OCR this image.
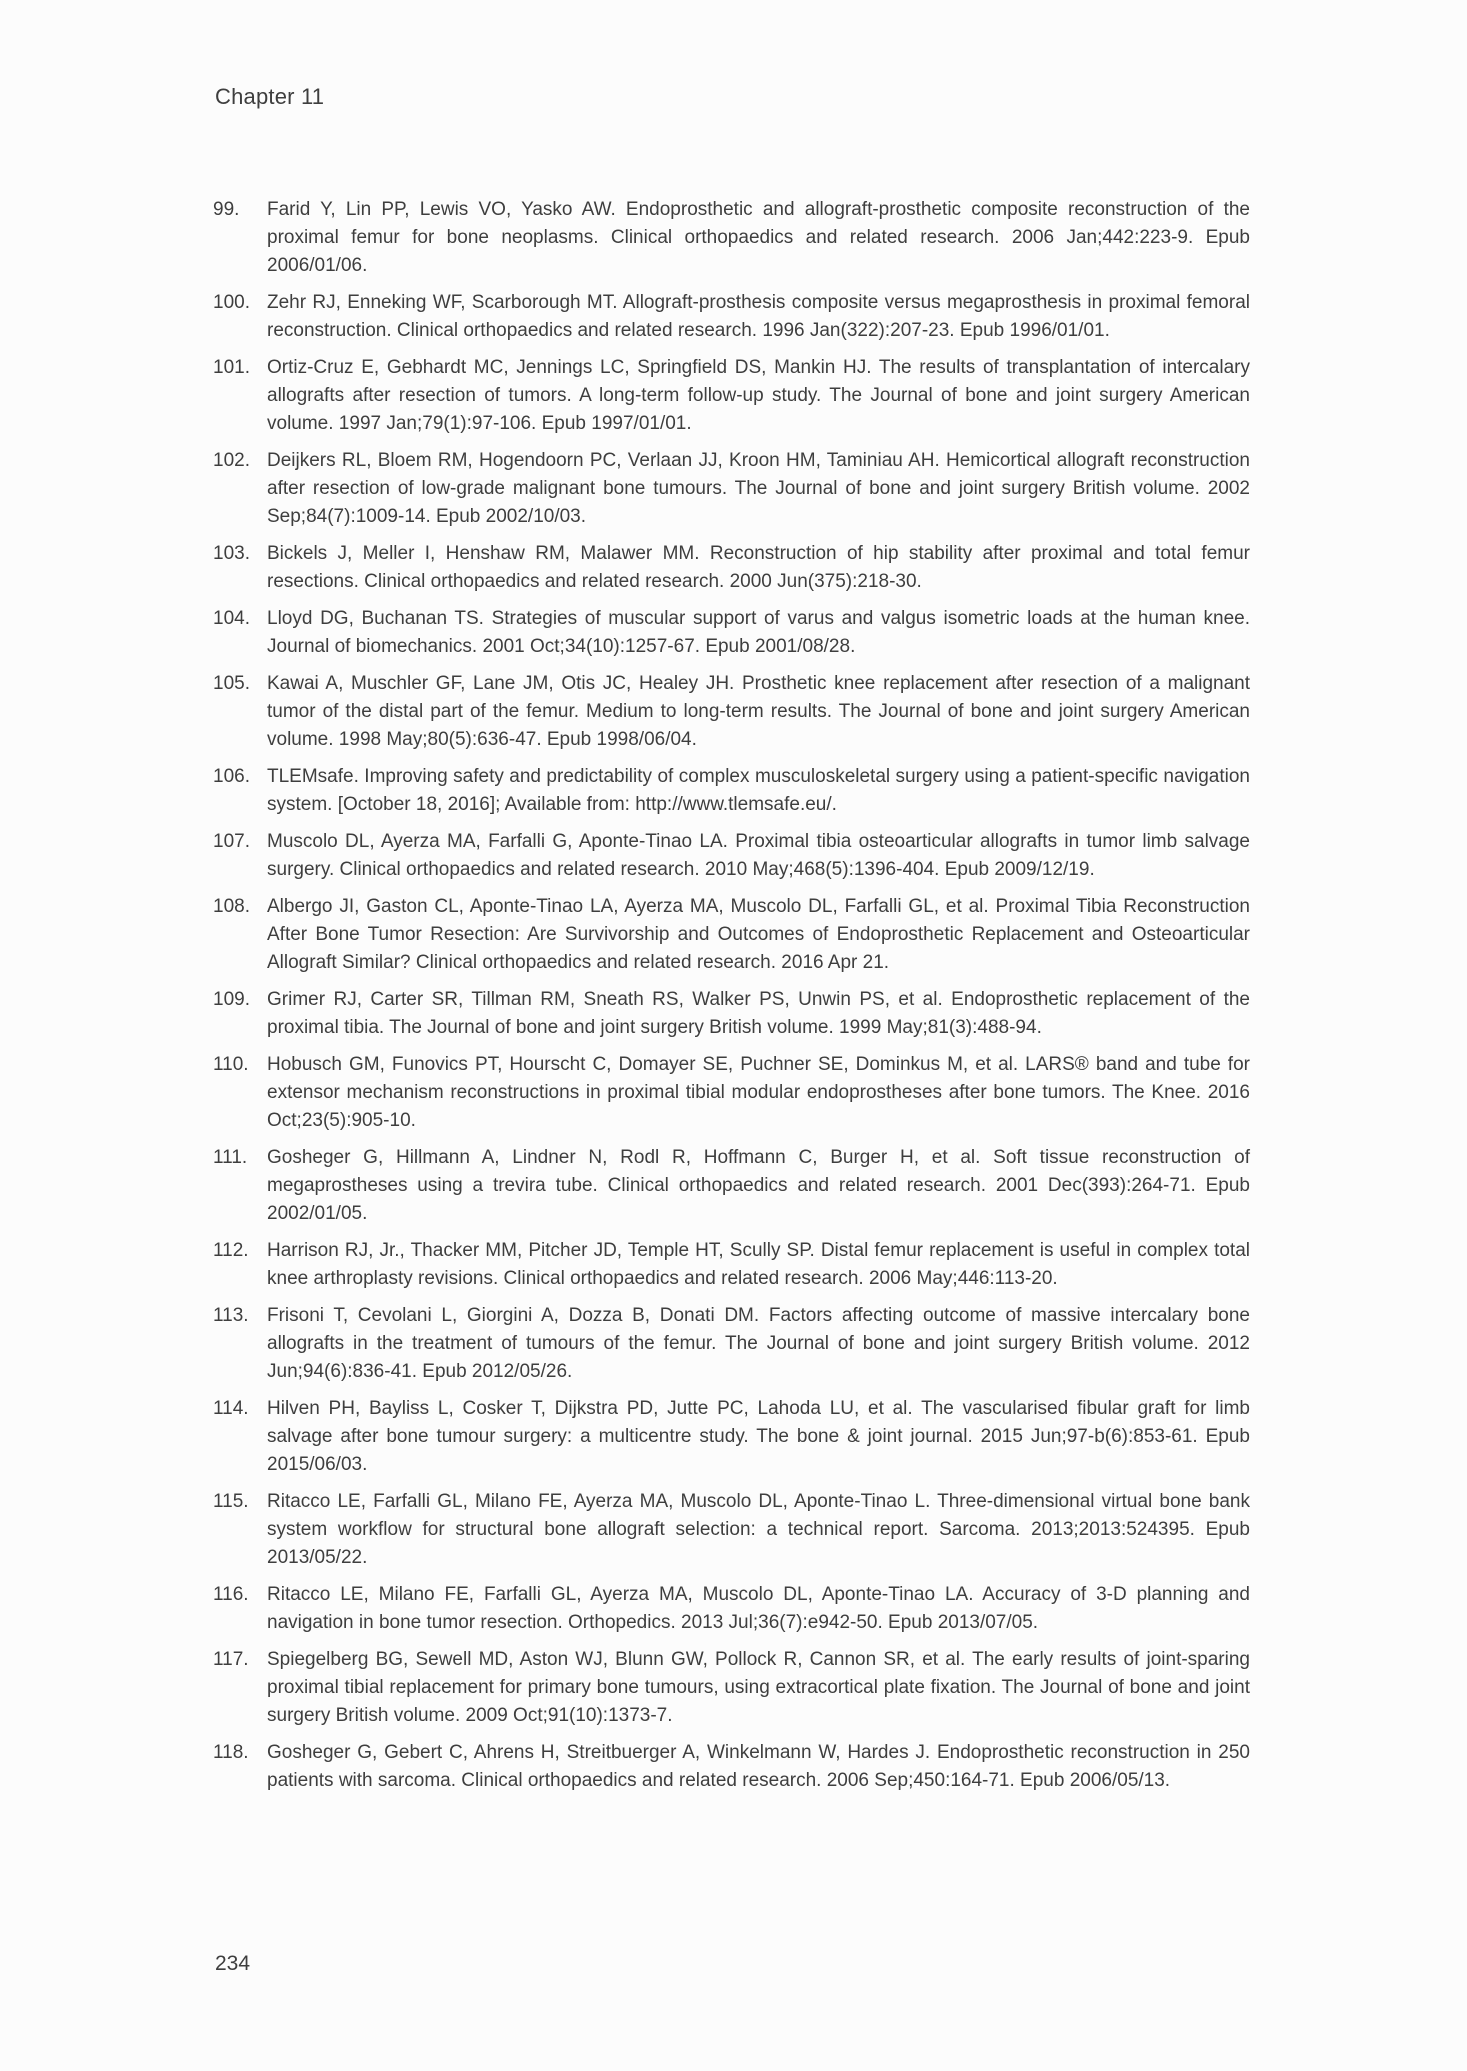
Chapter 11
99.	Farid Y, Lin PP, Lewis VO, Yasko AW. Endoprosthetic and allograft-prosthetic composite reconstruction of the proximal femur for bone neoplasms. Clinical orthopaedics and related research. 2006 Jan;442:223-9. Epub 2006/01/06.
100. Zehr RJ, Enneking WF, Scarborough MT. Allograft-prosthesis composite versus megaprosthesis in proximal femoral reconstruction. Clinical orthopaedics and related research. 1996 Jan(322):207-23. Epub 1996/01/01.
101. Ortiz-Cruz E, Gebhardt MC, Jennings LC, Springfield DS, Mankin HJ. The results of transplantation of intercalary allografts after resection of tumors. A long-term follow-up study. The Journal of bone and joint surgery American volume. 1997 Jan;79(1):97-106. Epub 1997/01/01.
102. Deijkers RL, Bloem RM, Hogendoorn PC, Verlaan JJ, Kroon HM, Taminiau AH. Hemicortical allograft reconstruction after resection of low-grade malignant bone tumours. The Journal of bone and joint surgery British volume. 2002 Sep;84(7):1009-14. Epub 2002/10/03.
103. Bickels J, Meller I, Henshaw RM, Malawer MM. Reconstruction of hip stability after proximal and total femur resections. Clinical orthopaedics and related research. 2000 Jun(375):218-30.
104. Lloyd DG, Buchanan TS. Strategies of muscular support of varus and valgus isometric loads at the human knee. Journal of biomechanics. 2001 Oct;34(10):1257-67. Epub 2001/08/28.
105. Kawai A, Muschler GF, Lane JM, Otis JC, Healey JH. Prosthetic knee replacement after resection of a malignant tumor of the distal part of the femur. Medium to long-term results. The Journal of bone and joint surgery American volume. 1998 May;80(5):636-47. Epub 1998/06/04.
106. TLEMsafe. Improving safety and predictability of complex musculoskeletal surgery using a patient-specific navigation system. [October 18, 2016]; Available from: http://www.tlemsafe.eu/.
107. Muscolo DL, Ayerza MA, Farfalli G, Aponte-Tinao LA. Proximal tibia osteoarticular allografts in tumor limb salvage surgery. Clinical orthopaedics and related research. 2010 May;468(5):1396-404. Epub 2009/12/19.
108. Albergo JI, Gaston CL, Aponte-Tinao LA, Ayerza MA, Muscolo DL, Farfalli GL, et al. Proximal Tibia Reconstruction After Bone Tumor Resection: Are Survivorship and Outcomes of Endoprosthetic Replacement and Osteoarticular Allograft Similar? Clinical orthopaedics and related research. 2016 Apr 21.
109. Grimer RJ, Carter SR, Tillman RM, Sneath RS, Walker PS, Unwin PS, et al. Endoprosthetic replacement of the proximal tibia. The Journal of bone and joint surgery British volume. 1999 May;81(3):488-94.
110. Hobusch GM, Funovics PT, Hourscht C, Domayer SE, Puchner SE, Dominkus M, et al. LARS® band and tube for extensor mechanism reconstructions in proximal tibial modular endoprostheses after bone tumors. The Knee. 2016 Oct;23(5):905-10.
111.	Gosheger G, Hillmann A, Lindner N, Rodl R, Hoffmann C, Burger H, et al. Soft tissue reconstruction of megaprostheses using a trevira tube. Clinical orthopaedics and related research. 2001 Dec(393):264-71. Epub 2002/01/05.
112. Harrison RJ, Jr., Thacker MM, Pitcher JD, Temple HT, Scully SP. Distal femur replacement is useful in complex total knee arthroplasty revisions. Clinical orthopaedics and related research. 2006 May;446:113-20.
113. Frisoni T, Cevolani L, Giorgini A, Dozza B, Donati DM. Factors affecting outcome of massive intercalary bone allografts in the treatment of tumours of the femur. The Journal of bone and joint surgery British volume. 2012 Jun;94(6):836-41. Epub 2012/05/26.
114. Hilven PH, Bayliss L, Cosker T, Dijkstra PD, Jutte PC, Lahoda LU, et al. The vascularised fibular graft for limb salvage after bone tumour surgery: a multicentre study. The bone & joint journal. 2015 Jun;97-b(6):853-61. Epub 2015/06/03.
115. Ritacco LE, Farfalli GL, Milano FE, Ayerza MA, Muscolo DL, Aponte-Tinao L. Three-dimensional virtual bone bank system workflow for structural bone allograft selection: a technical report. Sarcoma. 2013;2013:524395. Epub 2013/05/22.
116. Ritacco LE, Milano FE, Farfalli GL, Ayerza MA, Muscolo DL, Aponte-Tinao LA. Accuracy of 3-D planning and navigation in bone tumor resection. Orthopedics. 2013 Jul;36(7):e942-50. Epub 2013/07/05.
117. Spiegelberg BG, Sewell MD, Aston WJ, Blunn GW, Pollock R, Cannon SR, et al. The early results of joint-sparing proximal tibial replacement for primary bone tumours, using extracortical plate fixation. The Journal of bone and joint surgery British volume. 2009 Oct;91(10):1373-7.
118. Gosheger G, Gebert C, Ahrens H, Streitbuerger A, Winkelmann W, Hardes J. Endoprosthetic reconstruction in 250 patients with sarcoma. Clinical orthopaedics and related research. 2006 Sep;450:164-71. Epub 2006/05/13.
234
